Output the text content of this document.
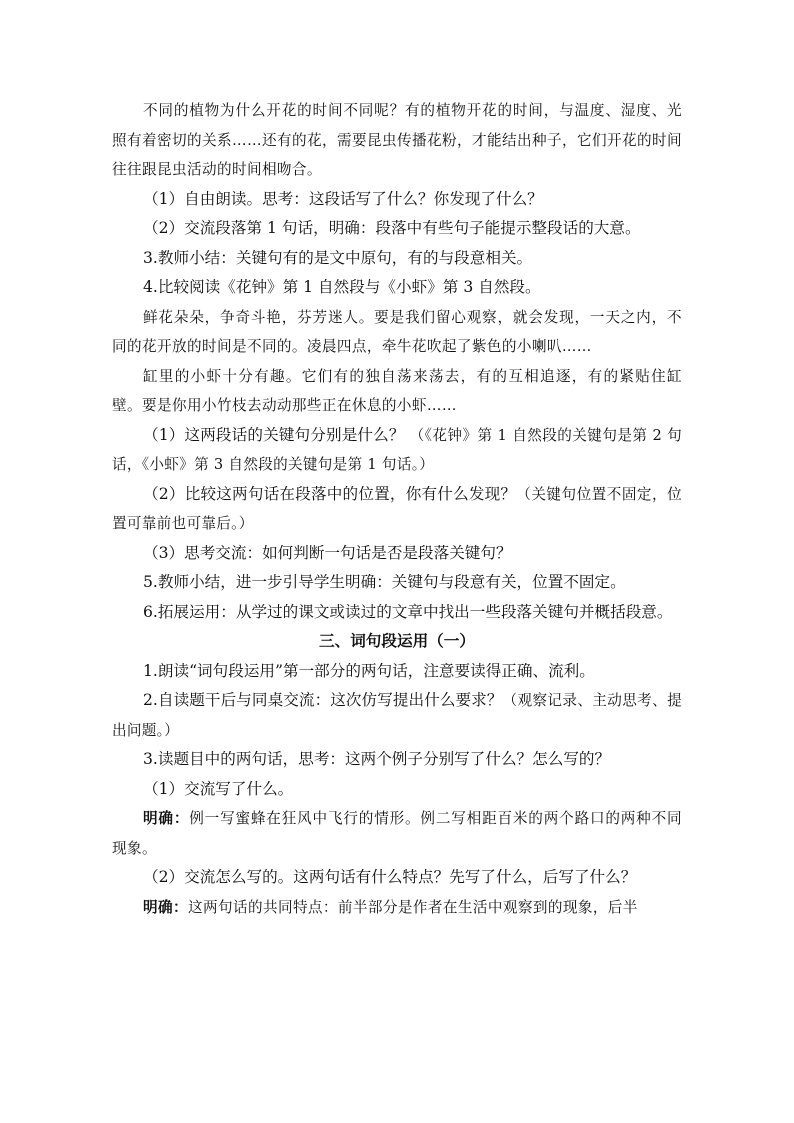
不同的植物为什么开花的时间不同呢？有的植物开花的时间，与温度、湿度、光照有着密切的关系……还有的花，需要昆虫传播花粉，才能结出种子，它们开花的时间往往跟昆虫活动的时间相吻合。

（1）自由朗读。思考：这段话写了什么？你发现了什么？

（2）交流段落第 1 句话，明确：段落中有些句子能提示整段话的大意。

3.教师小结：关键句有的是文中原句，有的与段意相关。

4.比较阅读《花钟》第 1 自然段与《小虾》第 3 自然段。

鲜花朵朵，争奇斗艳，芬芳迷人。要是我们留心观察，就会发现，一天之内，不同的花开放的时间是不同的。凌晨四点，牵牛花吹起了紫色的小喇叭……

缸里的小虾十分有趣。它们有的独自荡来荡去，有的互相追逐，有的紧贴住缸壁。要是你用小竹枝去动动那些正在休息的小虾……

（1）这两段话的关键句分别是什么？ （《花钟》第 1 自然段的关键句是第 2 句话，《小虾》第 3 自然段的关键句是第 1 句话。）

（2）比较这两句话在段落中的位置，你有什么发现？（关键句位置不固定，位置可靠前也可靠后。）

（3）思考交流：如何判断一句话是否是段落关键句？

5.教师小结，进一步引导学生明确：关键句与段意有关，位置不固定。

6.拓展运用：从学过的课文或读过的文章中找出一些段落关键句并概括段意。

三、词句段运用（一）

1.朗读“词句段运用”第一部分的两句话，注意要读得正确、流利。

2.自读题干后与同桌交流：这次仿写提出什么要求？（观察记录、主动思考、提出问题。）

3.读题目中的两句话，思考：这两个例子分别写了什么？怎么写的？

（1）交流写了什么。

明确：例一写蜜蜂在狂风中飞行的情形。例二写相距百米的两个路口的两种不同现象。

（2）交流怎么写的。这两句话有什么特点？先写了什么，后写了什么？

明确：这两句话的共同特点：前半部分是作者在生活中观察到的现象，后半
